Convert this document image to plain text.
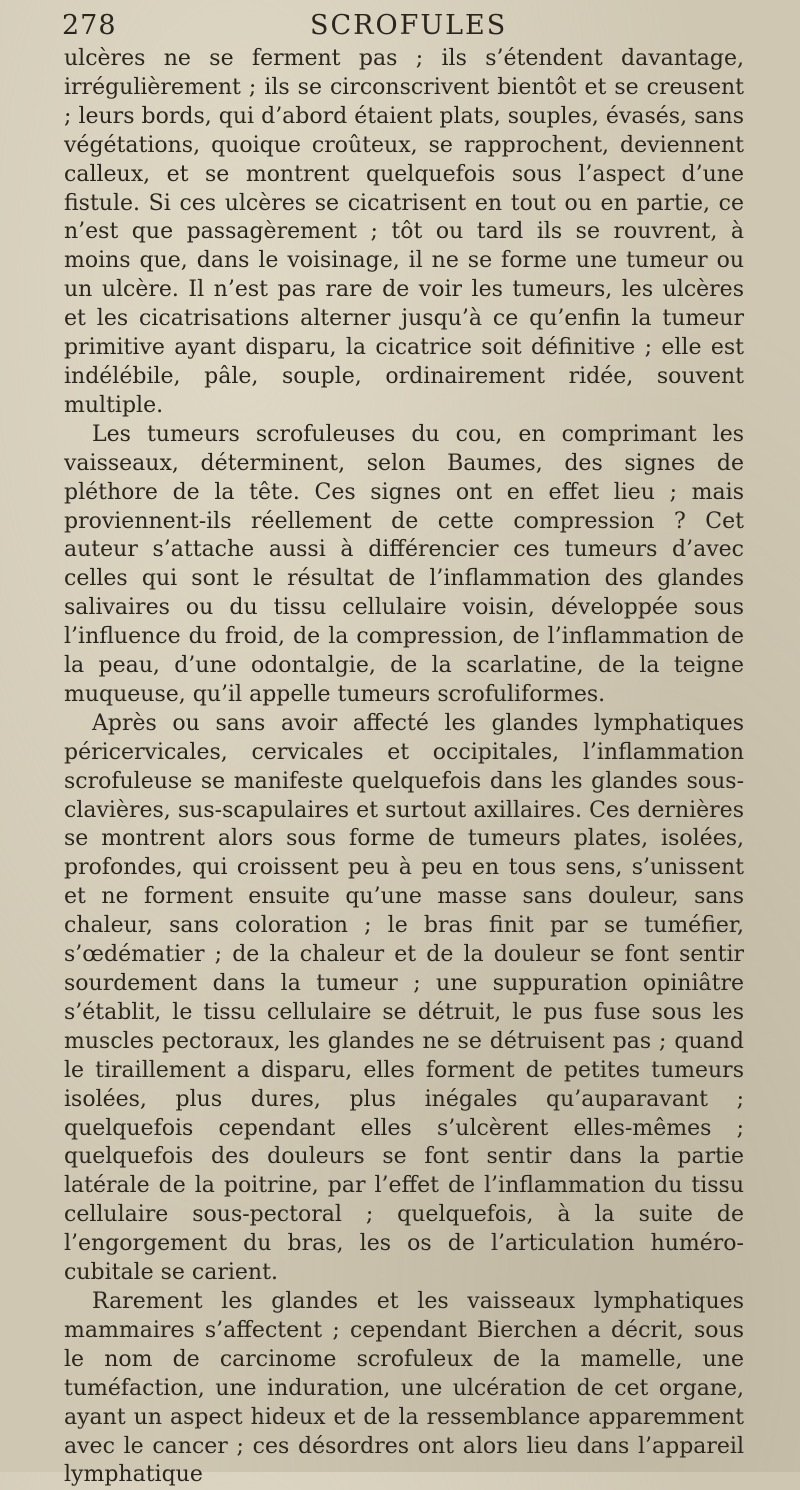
278	SCROFULES

ulcères ne se ferment pas ; ils s’étendent davantage, irrégulièrement ; ils se circonscrivent bientôt et se creusent ; leurs bords, qui d’abord étaient plats, souples, évasés, sans végétations, quoique croûteux, se rapprochent, deviennent calleux, et se montrent quelquefois sous l’aspect d’une fistule. Si ces ulcères se cicatrisent en tout ou en partie, ce n’est que passagèrement ; tôt ou tard ils se rouvrent, à moins que, dans le voisinage, il ne se forme une tumeur ou un ulcère. Il n’est pas rare de voir les tumeurs, les ulcères et les cicatrisations alterner jusqu’à ce qu’enfin la tumeur primitive ayant disparu, la cicatrice soit définitive ; elle est indélébile, pâle, souple, ordinairement ridée, souvent multiple.

Les tumeurs scrofuleuses du cou, en comprimant les vaisseaux, déterminent, selon Baumes, des signes de pléthore de la tête. Ces signes ont en effet lieu ; mais proviennent-ils réellement de cette compression ? Cet auteur s’attache aussi à différencier ces tumeurs d’avec celles qui sont le résultat de l’inflammation des glandes salivaires ou du tissu cellulaire voisin, développée sous l’influence du froid, de la compression, de l’inflammation de la peau, d’une odontalgie, de la scarlatine, de la teigne muqueuse, qu’il appelle tumeurs scrofuliformes.

Après ou sans avoir affecté les glandes lymphatiques péricervicales, cervicales et occipitales, l’inflammation scrofuleuse se manifeste quelquefois dans les glandes sous-clavières, sus-scapulaires et surtout axillaires. Ces dernières se montrent alors sous forme de tumeurs plates, isolées, profondes, qui croissent peu à peu en tous sens, s’unissent et ne forment ensuite qu’une masse sans douleur, sans chaleur, sans coloration ; le bras finit par se tuméfier, s’œdématier ; de la chaleur et de la douleur se font sentir sourdement dans la tumeur ; une suppuration opiniâtre s’établit, le tissu cellulaire se détruit, le pus fuse sous les muscles pectoraux, les glandes ne se détruisent pas ; quand le tiraillement a disparu, elles forment de petites tumeurs isolées, plus dures, plus inégales qu’auparavant ; quelquefois cependant elles s’ulcèrent elles-mêmes ; quelquefois des douleurs se font sentir dans la partie latérale de la poitrine, par l’effet de l’inflammation du tissu cellulaire sous-pectoral ; quelquefois, à la suite de l’engorgement du bras, les os de l’articulation huméro-cubitale se carient.

Rarement les glandes et les vaisseaux lymphatiques mammaires s’affectent ; cependant Bierchen a décrit, sous le nom de carcinome scrofuleux de la mamelle, une tuméfaction, une induration, une ulcération de cet organe, ayant un aspect hideux et de la ressemblance apparemment avec le cancer ; ces désordres ont alors lieu dans l’appareil lymphatique
